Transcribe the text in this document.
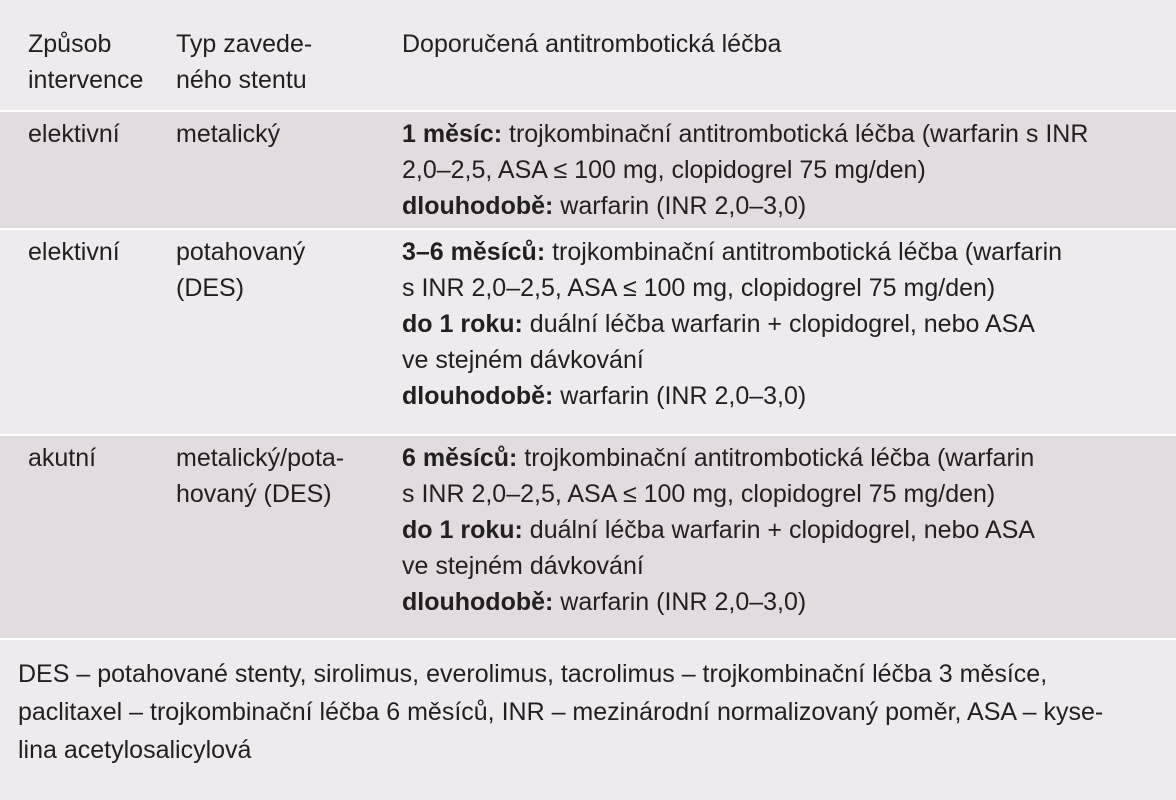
Způsob
intervence
Typ zavede-
ného stentu
Doporučená antitrombotická léčba
elektivní metalický	1 měsíc: trojkombinační antitrombotická léčba (warfarin s INR
2,0–2,5, ASA ≤ 100 mg, clopidogrel 75 mg/den)
dlouhodobě: warfarin (INR 2,0–3,0)
elektivní potahovaný
(DES)
3–6 měsíců: trojkombinační antitrombotická léčba (warfarin
s INR 2,0–2,5, ASA ≤ 100 mg, clopidogrel 75 mg/den)
do 1 roku: duální léčba warfarin + clopidogrel, nebo ASA
ve stejném dávkování
dlouhodobě: warfarin (INR 2,0–3,0)
akutní	metalický/pota-
hovaný (DES)
6 měsíců: trojkombinační antitrombotická léčba (warfarin
s INR 2,0–2,5, ASA ≤ 100 mg, clopidogrel 75 mg/den)
do 1 roku: duální léčba warfarin + clopidogrel, nebo ASA
ve stejném dávkování
dlouhodobě: warfarin (INR 2,0–3,0)
DES – potahované stenty, sirolimus, everolimus, tacrolimus – trojkombinační léčba 3 měsíce,
paclitaxel – trojkombinační léčba 6 měsíců, INR – mezinárodní normalizovaný poměr, ASA – kyse-
lina acetylosalicylová
